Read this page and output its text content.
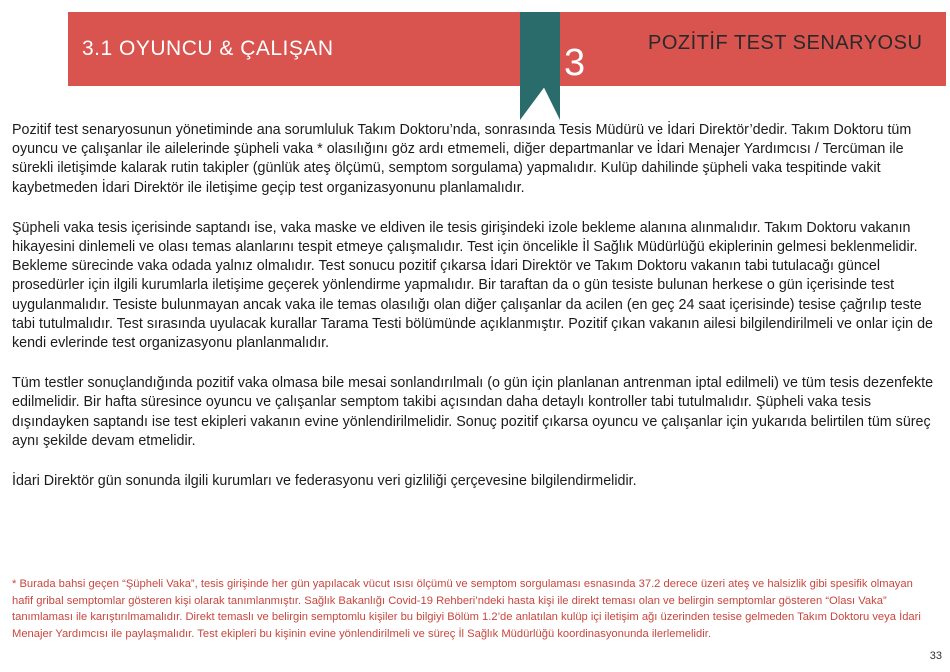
3.1 OYUNCU & ÇALIŞAN	3	POZİTİF TEST SENARYOSU

Pozitif test senaryosunun yönetiminde ana sorumluluk Takım Doktoru’nda, sonrasında Tesis Müdürü ve İdari Direktör’dedir. Takım Doktoru tüm oyuncu ve çalışanlar ile ailelerinde şüpheli vaka * olasılığını göz ardı etmemeli, diğer departmanlar ve İdari Menajer Yardımcısı / Tercüman ile sürekli iletişimde kalarak rutin takipler (günlük ateş ölçümü, semptom sorgulama) yapmalıdır. Kulüp dahilinde şüpheli vaka tespitinde vakit kaybetmeden İdari Direktör ile iletişime geçip test organizasyonunu planlamalıdır.

Şüpheli vaka tesis içerisinde saptandı ise, vaka maske ve eldiven ile tesis girişindeki izole bekleme alanına alınmalıdır. Takım Doktoru vakanın hikayesini dinlemeli ve olası temas alanlarını tespit etmeye çalışmalıdır. Test için öncelikle İl Sağlık Müdürlüğü ekiplerinin gelmesi beklenmelidir. Bekleme sürecinde vaka odada yalnız olmalıdır. Test sonucu pozitif çıkarsa İdari Direktör ve Takım Doktoru vakanın tabi tutulacağı güncel prosedürler için ilgili kurumlarla iletişime geçerek yönlendirme yapmalıdır. Bir taraftan da o gün tesiste bulunan herkese o gün içerisinde test uygulanmalıdır. Tesiste bulunmayan ancak vaka ile temas olasılığı olan diğer çalışanlar da acilen (en geç 24 saat içerisinde) tesise çağrılıp teste tabi tutulmalıdır. Test sırasında uyulacak kurallar Tarama Testi bölümünde açıklanmıştır. Pozitif çıkan vakanın ailesi bilgilendirilmeli ve onlar için de kendi evlerinde test organizasyonu planlanmalıdır.

Tüm testler sonuçlandığında pozitif vaka olmasa bile mesai sonlandırılmalı (o gün için planlanan antrenman iptal edilmeli) ve tüm tesis dezenfekte edilmelidir. Bir hafta süresince oyuncu ve çalışanlar semptom takibi açısından daha detaylı kontroller tabi tutulmalıdır. Şüpheli vaka tesis dışındayken saptandı ise test ekipleri vakanın evine yönlendirilmelidir. Sonuç pozitif çıkarsa oyuncu ve çalışanlar için yukarıda belirtilen tüm süreç aynı şekilde devam etmelidir.

İdari Direktör gün sonunda ilgili kurumları ve federasyonu veri gizliliği çerçevesine bilgilendirmelidir.

* Burada bahsi geçen “Şüpheli Vaka”, tesis girişinde her gün yapılacak vücut ısısı ölçümü ve semptom sorgulaması esnasında 37.2 derece üzeri ateş ve halsizlik gibi spesifik olmayan hafif gribal semptomlar gösteren kişi olarak tanımlanmıştır. Sağlık Bakanlığı Covid-19 Rehberi’ndeki hasta kişi ile direkt teması olan ve belirgin semptomlar gösteren “Olası Vaka” tanımlaması ile karıştırılmamalıdır. Direkt temaslı ve belirgin semptomlu kişiler bu bilgiyi Bölüm 1.2’de anlatılan kulüp içi iletişim ağı üzerinden tesise gelmeden Takım Doktoru veya İdari Menajer Yardımcısı ile paylaşmalıdır. Test ekipleri bu kişinin evine yönlendirilmeli ve süreç İl Sağlık Müdürlüğü koordinasyonunda ilerlemelidir.
33
